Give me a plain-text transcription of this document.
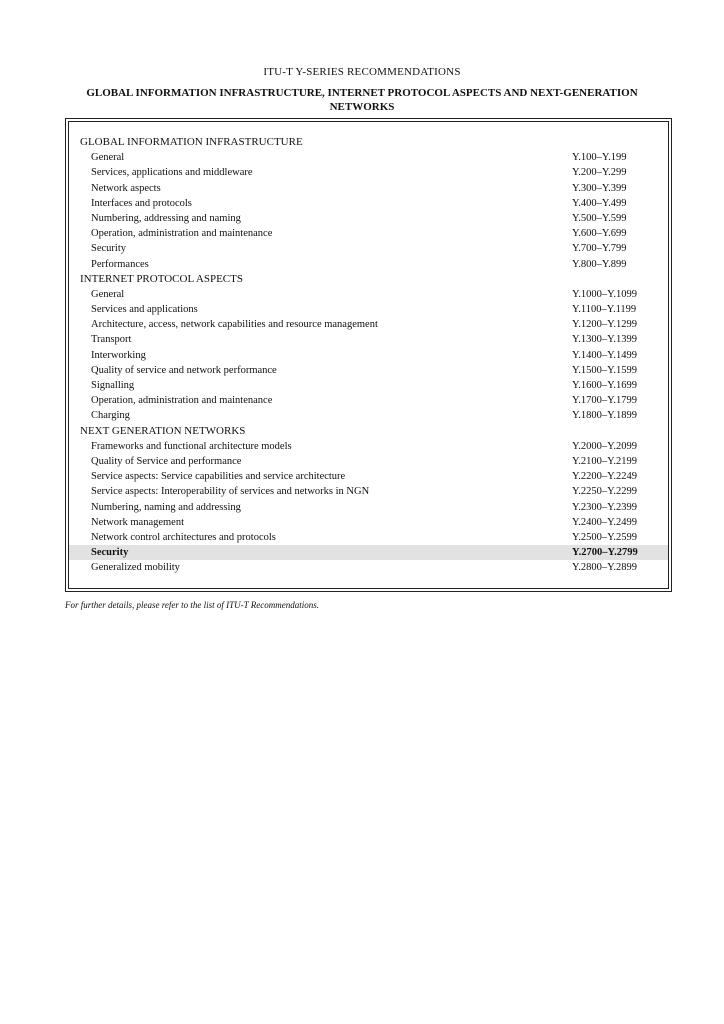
ITU-T Y-SERIES RECOMMENDATIONS
GLOBAL INFORMATION INFRASTRUCTURE, INTERNET PROTOCOL ASPECTS AND NEXT-GENERATION NETWORKS
GLOBAL INFORMATION INFRASTRUCTURE
General	Y.100–Y.199
Services, applications and middleware	Y.200–Y.299
Network aspects	Y.300–Y.399
Interfaces and protocols	Y.400–Y.499
Numbering, addressing and naming	Y.500–Y.599
Operation, administration and maintenance	Y.600–Y.699
Security	Y.700–Y.799
Performances	Y.800–Y.899
INTERNET PROTOCOL ASPECTS
General	Y.1000–Y.1099
Services and applications	Y.1100–Y.1199
Architecture, access, network capabilities and resource management	Y.1200–Y.1299
Transport	Y.1300–Y.1399
Interworking	Y.1400–Y.1499
Quality of service and network performance	Y.1500–Y.1599
Signalling	Y.1600–Y.1699
Operation, administration and maintenance	Y.1700–Y.1799
Charging	Y.1800–Y.1899
NEXT GENERATION NETWORKS
Frameworks and functional architecture models	Y.2000–Y.2099
Quality of Service and performance	Y.2100–Y.2199
Service aspects: Service capabilities and service architecture	Y.2200–Y.2249
Service aspects: Interoperability of services and networks in NGN	Y.2250–Y.2299
Numbering, naming and addressing	Y.2300–Y.2399
Network management	Y.2400–Y.2499
Network control architectures and protocols	Y.2500–Y.2599
Security	Y.2700–Y.2799
Generalized mobility	Y.2800–Y.2899
For further details, please refer to the list of ITU-T Recommendations.
